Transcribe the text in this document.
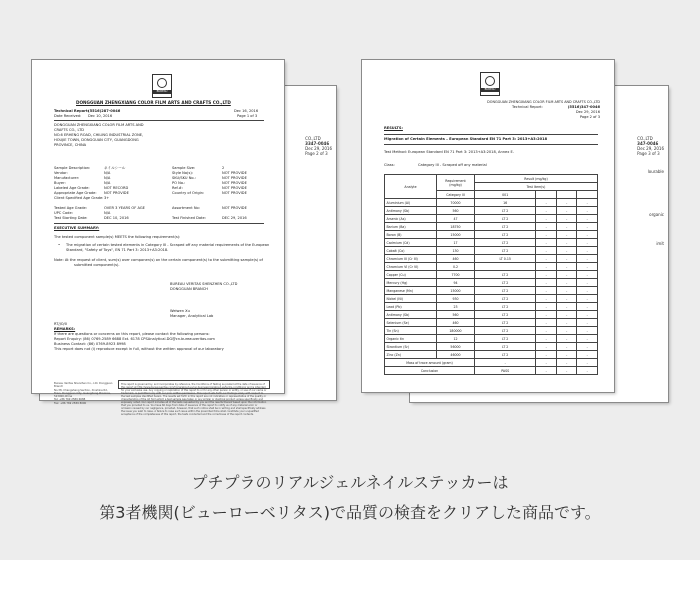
CO.,LTD
3347-0046
Dec 29, 2016
Page 2 of 3
BUREAU VERITAS
DONGGUAN ZHENGXIANG COLOR FILM ARTS AND CRAFTS CO.,LTD
Technical Report:
(5516)287-0046	Dec 16, 2016
Date Received: Dec 10, 2016	Page 1 of 3
DONGGUAN ZHENGXIANG COLOR FILM ARTS AND
CRAFTS CO., LTD
NO.6 ERHENG ROAD, CHILING INDUSTRIAL ZONE,
HOUJIE TOWN, DONGGUAN CITY, GUANGDONG
PROVINCE, CHINA
Sample Description:	ネイルシール
Vendor:	N/A
Manufacturer:	N/A
Buyer:	N/A
Labeled Age Grade:	NOT RECORD
Appropriate Age Grade: NOT PROVIDE
Client Specified Age Grade: 3+
Tested Age Grade:	OVER 3 YEARS OF AGE
UPC Code:	N/A
Test Starting Date:	DEC 10, 2016
Sample Size:	2
Style No(s):	NOT PROVIDE
SKU/SKU No.:	NOT PROVIDE
PO No.:	NOT PROVIDE
Ref.#:	NOT PROVIDE
Country of Origin:	NOT PROVIDE
Assortment No:	NOT PROVIDE
Test Finished Date:	DEC 29, 2016
EXECUTIVE SUMMARY:
The tested component sample(s) MEETS the following requirement(s):
• The migration of certain tested elements in Category III - Scraped off any material requirements of the European
Standard, "Safety of Toys", EN 71 Part 3: 2013+A3:2018.
Note: At the request of client, sum(s) over componen(s) on the certain component(s) to the submitting sample(s) of
submitted component(s).
BUREAU VERITAS SHENZHEN CO.,LTD
DONGGUAN BRANCH
Weiwen Xu
Manager, Analytical Lab
RT/JO/0
REMARKS:
If there are questions or concerns on this report, please contact the following persons:
Report Enquiry: (86) 0769-2589 6688 Ext. 6178 CPSAnalytical.DG@cn.bureauveritas.com
Business Contact: (86) 0769-8923 8998
This report does not (i) reproduce except in full, without the written approval of our laboratory
Bureau Veritas Shenzhen Co., Ltd. Dongguan Branch
No.38, Changsheng Section, Xinshine Rd,
Town, Dongguan City, Guangdong Province,
523000,China
Tel: +86 769 2589 6688
Fax: +86 769 2589 8000
This report is governed by, and incorporates by reference, the Conditions of Testing as posted at the date of issuance of this report at http://www.bureauveritas.com/home/about-us/our-business/cps/about-us/terms-conditions/ and is intended for your exclusive use. Any copying or replication of this report to or for any other person or entity, or use of our name or trademark, is permitted only with our prior written permission. This report sets forth our findings solely with respect to the test samples identified herein. The results set forth in this report are not indicative or representative of the quality or characteristics of the lot from which a test sample was taken or any similar or identical product unless specifically and expressly noted. Our report includes all of the tests requested by you and the results thereof based upon the information that you provided to us. You have 60 days from date of issuance of this report to notify us of any material error or omission caused by our negligence, provided, however, that such notice shall be in writing and shall specifically address the issue you wish to raise. A failure to raise such issue within the prescribed time shall constitute your unqualified acceptance of the completeness of this report, the tests conducted and the correctness of the report contents.
CO.,LTD
347-0046
Dec 29, 2016
Page 3 of 3
lourable
organic
imit
BUREAU VERITAS
DONGGUAN ZHENGXIANG COLOR FILM ARTS AND CRAFTS CO.,LTD
Technical Report:	(5516)347-0046
Dec 29, 2016
Page 2 of 3
RESULTS:
Migration of Certain Elements – European Standard EN 71 Part 3: 2013+A3:2018
Test Method: European Standard EN 71 Part 3: 2013+A3:2018, Annex E.
Class:	Category III - Scraped off any material
Analyte	Requirement (mg/kg)	Result (mg/kg)			
		Test Item(s)			
	Category III	001			
Aluminium (Al)	70000	16	-	-	-
Antimony (Sb)	560	LT 2	-	-	-
Arsenic (As)	47	LT 2	-	-	-
Barium (Ba)	18750	LT 2	-	-	-
Boron (B)	15000	LT 2	-	-	-
Cadmium (Cd)	17	LT 2	-	-	-
Cobalt (Co)	130	LT 2	-	-	-
Chromium III (Cr III)	460	LT 0.15	-	-	-
Chromium VI (Cr VI)	0.2		-	-	-
Copper (Cu)	7700	LT 2	-	-	-
Mercury (Hg)	94	LT 2	-	-	-
Manganese (Mn)	15000	LT 2	-	-	-
Nickel (Ni)	930	LT 2	-	-	-
Lead (Pb)	23	LT 2	-	-	-
Antimony (Sb)	560	LT 2	-	-	-
Selenium (Se)	460	LT 2	-	-	-
Tin (Sn)	180000	LT 2	-	-	-
Organic tin	12	LT 2	-	-	-
Strontium (Sr)	56000	LT 2	-	-	-
Zinc (Zn)	46000	LT 2	-	-	-
Mass of trace amount (gram)		-	-	-	-
Conclusion		PASS	-	-	-
プチプラのリアルジェルネイルステッカーは
第3者機関(ビューローベリタス)で品質の検査をクリアした商品です。
